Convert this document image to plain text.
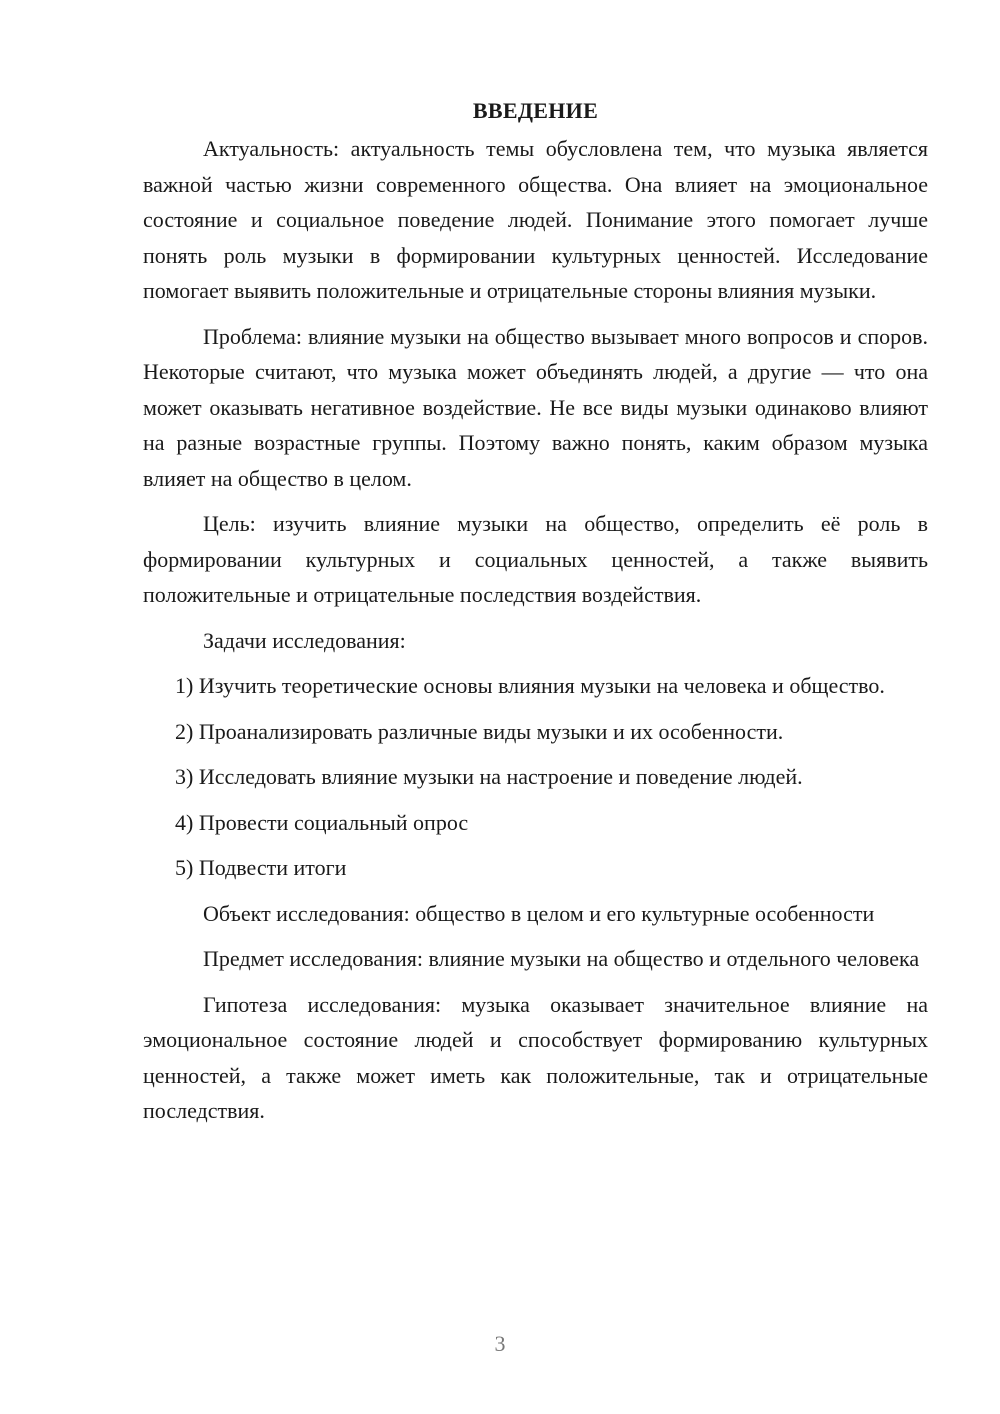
ВВЕДЕНИЕ

Актуальность: актуальность темы обусловлена тем, что музыка является важной частью жизни современного общества. Она влияет на эмоциональное состояние и социальное поведение людей. Понимание этого помогает лучше понять роль музыки в формировании культурных ценностей. Исследование помогает выявить положительные и отрицательные стороны влияния музыки.

Проблема: влияние музыки на общество вызывает много вопросов и споров. Некоторые считают, что музыка может объединять людей, а другие — что она может оказывать негативное воздействие. Не все виды музыки одинаково влияют на разные возрастные группы. Поэтому важно понять, каким образом музыка влияет на общество в целом.

Цель: изучить влияние музыки на общество, определить её роль в формировании культурных и социальных ценностей, а также выявить положительные и отрицательные последствия воздействия.

Задачи исследования:

1) Изучить теоретические основы влияния музыки на человека и общество.

2) Проанализировать различные виды музыки и их особенности.

3) Исследовать влияние музыки на настроение и поведение людей.

4) Провести социальный опрос

5) Подвести итоги

Объект исследования: общество в целом и его культурные особенности

Предмет исследования: влияние музыки на общество и отдельного человека

Гипотеза исследования: музыка оказывает значительное влияние на эмоциональное состояние людей и способствует формированию культурных ценностей, а также может иметь как положительные, так и отрицательные последствия.

3
